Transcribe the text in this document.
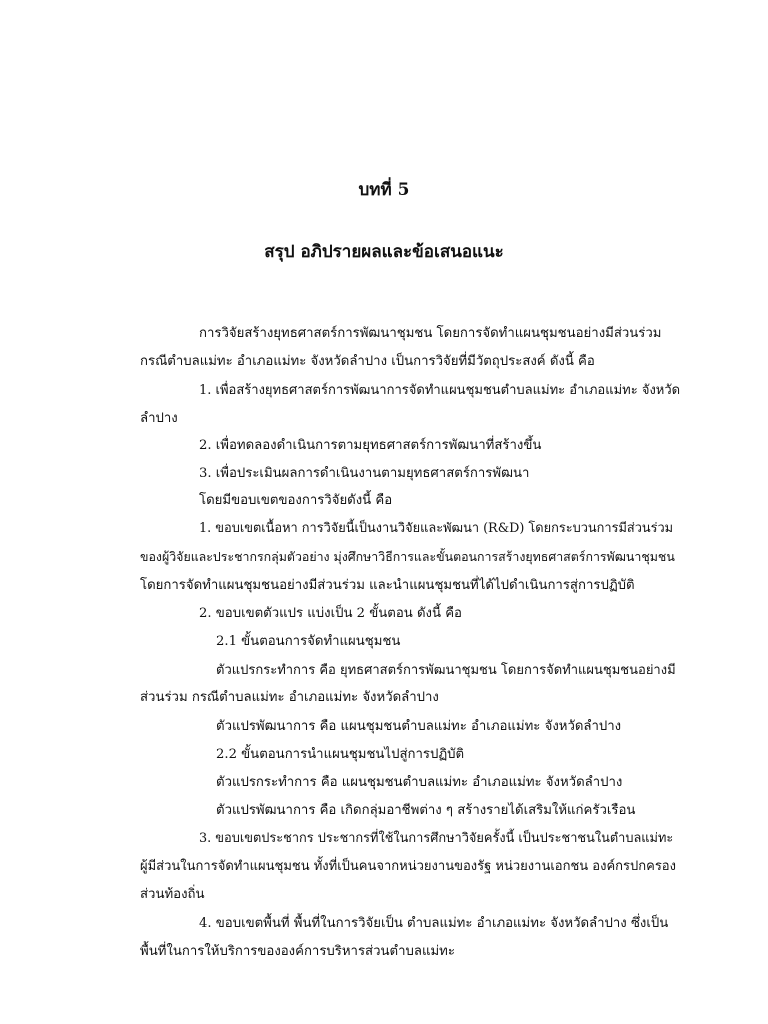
บทที่ 5
สรุป อภิปรายผลและข้อเสนอแนะ
การวิจัยสร้างยุทธศาสตร์การพัฒนาชุมชน โดยการจัดทำแผนชุมชนอย่างมีส่วนร่วม
กรณีตำบลแม่ทะ อำเภอแม่ทะ จังหวัดลำปาง เป็นการวิจัยที่มีวัตถุประสงค์ ดังนี้ คือ
1. เพื่อสร้างยุทธศาสตร์การพัฒนาการจัดทำแผนชุมชนตำบลแม่ทะ อำเภอแม่ทะ จังหวัด
ลำปาง
2. เพื่อทดลองดำเนินการตามยุทธศาสตร์การพัฒนาที่สร้างขึ้น
3. เพื่อประเมินผลการดำเนินงานตามยุทธศาสตร์การพัฒนา
โดยมีขอบเขตของการวิจัยดังนี้ คือ
1. ขอบเขตเนื้อหา การวิจัยนี้เป็นงานวิจัยและพัฒนา (R&D) โดยกระบวนการมีส่วนร่วม
ของผู้วิจัยและประชากรกลุ่มตัวอย่าง มุ่งศึกษาวิธีการและขั้นตอนการสร้างยุทธศาสตร์การพัฒนาชุมชน
โดยการจัดทำแผนชุมชนอย่างมีส่วนร่วม และนำแผนชุมชนที่ได้ไปดำเนินการสู่การปฏิบัติ
2. ขอบเขตตัวแปร แบ่งเป็น 2 ขั้นตอน ดังนี้ คือ
2.1 ขั้นตอนการจัดทำแผนชุมชน
ตัวแปรกระทำการ คือ ยุทธศาสตร์การพัฒนาชุมชน โดยการจัดทำแผนชุมชนอย่างมี
ส่วนร่วม กรณีตำบลแม่ทะ อำเภอแม่ทะ จังหวัดลำปาง
ตัวแปรพัฒนาการ คือ แผนชุมชนตำบลแม่ทะ อำเภอแม่ทะ จังหวัดลำปาง
2.2 ขั้นตอนการนำแผนชุมชนไปสู่การปฏิบัติ
ตัวแปรกระทำการ คือ แผนชุมชนตำบลแม่ทะ อำเภอแม่ทะ จังหวัดลำปาง
ตัวแปรพัฒนาการ คือ เกิดกลุ่มอาชีพต่าง ๆ สร้างรายได้เสริมให้แก่ครัวเรือน
3. ขอบเขตประชากร ประชากรที่ใช้ในการศึกษาวิจัยครั้งนี้ เป็นประชาชนในตำบลแม่ทะ
ผู้มีส่วนในการจัดทำแผนชุมชน ทั้งที่เป็นคนจากหน่วยงานของรัฐ หน่วยงานเอกชน องค์กรปกครอง
ส่วนท้องถิ่น
4. ขอบเขตพื้นที่ พื้นที่ในการวิจัยเป็น ตำบลแม่ทะ อำเภอแม่ทะ จังหวัดลำปาง ซึ่งเป็น
พื้นที่ในการให้บริการขององค์การบริหารส่วนตำบลแม่ทะ
